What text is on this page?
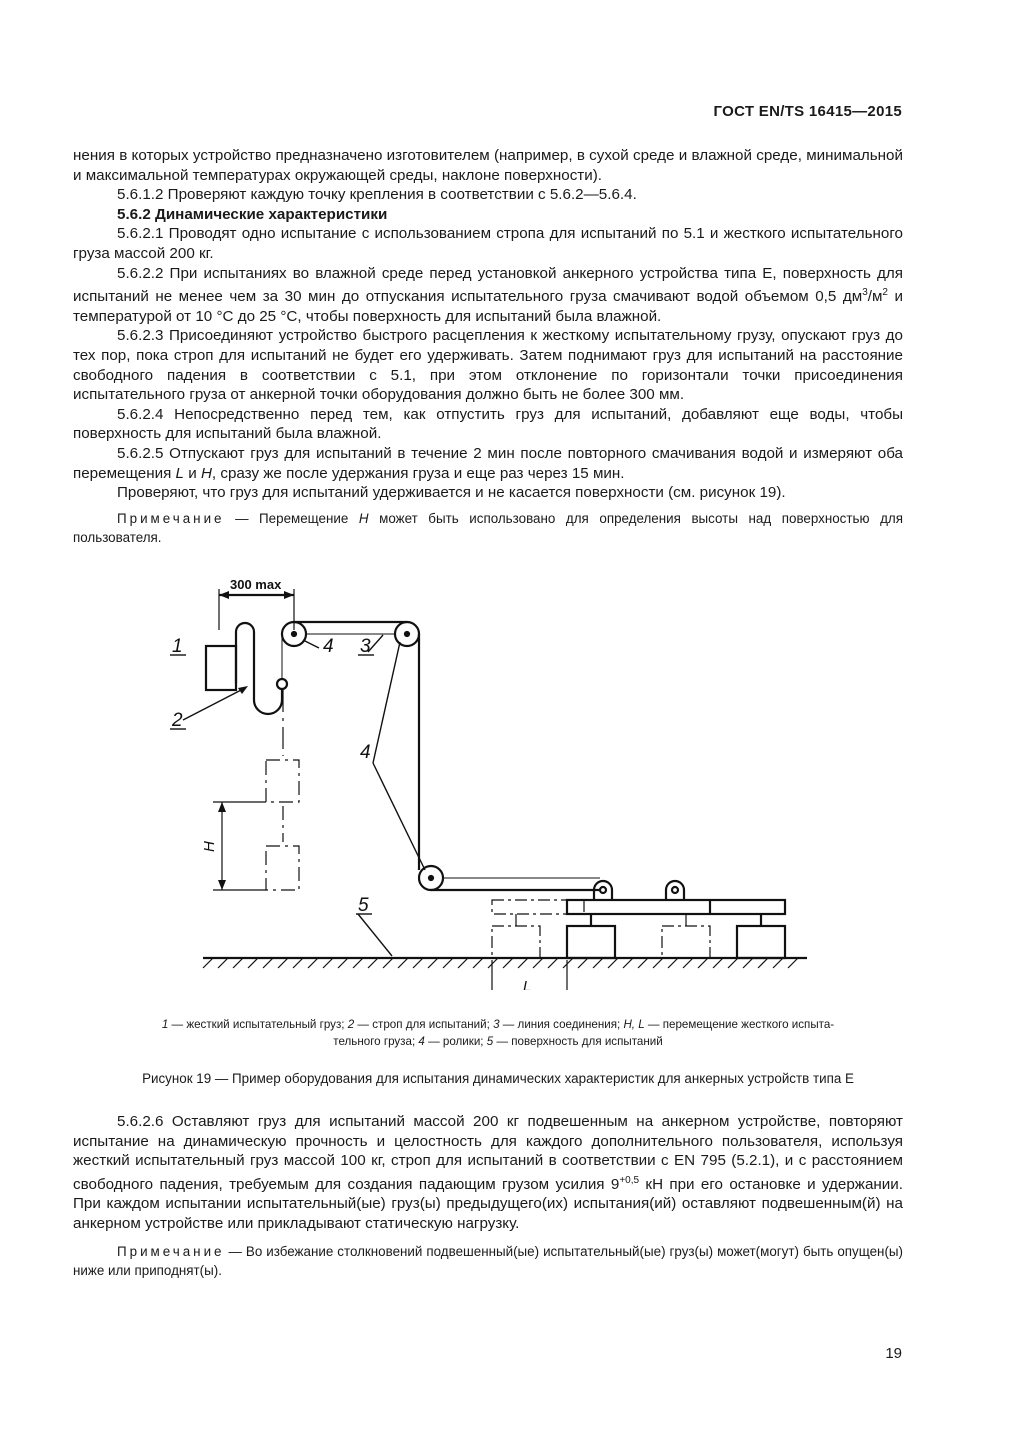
ГОСТ EN/TS 16415—2015

нения в которых устройство предназначено изготовителем (например, в сухой среде и влажной среде, минимальной и максимальной температурах окружающей среды, наклоне поверхности).

5.6.1.2 Проверяют каждую точку крепления в соответствии с 5.6.2—5.6.4.

5.6.2 Динамические характеристики

5.6.2.1 Проводят одно испытание с использованием стропа для испытаний по 5.1 и жесткого испытательного груза массой 200 кг.

5.6.2.2 При испытаниях во влажной среде перед установкой анкерного устройства типа Е, поверхность для испытаний не менее чем за 30 мин до отпускания испытательного груза смачивают водой объемом 0,5 $дм^3/м^2$ и температурой от 10 °С до 25 °С, чтобы поверхность для испытаний была влажной.

5.6.2.3 Присоединяют устройство быстрого расцепления к жесткому испытательному грузу, опускают груз до тех пор, пока строп для испытаний не будет его удерживать. Затем поднимают груз для испытаний на расстояние свободного падения в соответствии с 5.1, при этом отклонение по горизонтали точки присоединения испытательного груза от анкерной точки оборудования должно быть не более 300 мм.

5.6.2.4 Непосредственно перед тем, как отпустить груз для испытаний, добавляют еще воды, чтобы поверхность для испытаний была влажной.

5.6.2.5 Отпускают груз для испытаний в течение 2 мин после повторного смачивания водой и измеряют оба перемещения L и H, сразу же после удержания груза и еще раз через 15 мин.

Проверяют, что груз для испытаний удерживается и не касается поверхности (см. рисунок 19).

Примечание — Перемещение H может быть использовано для определения высоты над поверхностью для пользователя.

300 max
1
2
4 3
4
5
H
L
1 — жесткий испытательный груз; 2 — строп для испытаний; 3 — линия соединения; H, L — перемещение жесткого испыта-
тельного груза; 4 — ролики; 5 — поверхность для испытаний
Рисунок 19 — Пример оборудования для испытания динамических характеристик для анкерных устройств типа Е

5.6.2.6 Оставляют груз для испытаний массой 200 кг подвешенным на анкерном устройстве, повторяют испытание на динамическую прочность и целостность для каждого дополнительного пользователя, используя жесткий испытательный груз массой 100 кг, строп для испытаний в соответствии с EN 795 (5.2.1), и с расстоянием свободного падения, требуемым для создания падающим грузом усилия $9^{+0,5}$ кН при его остановке и удержании. При каждом испытании испытательный(ые) груз(ы) предыдущего(их) испытания(ий) оставляют подвешенным(й) на анкерном устройстве или прикладывают статическую нагрузку.

Примечание — Во избежание столкновений подвешенный(ые) испытательный(ые) груз(ы) может(могут) быть опущен(ы) ниже или приподнят(ы).

19
